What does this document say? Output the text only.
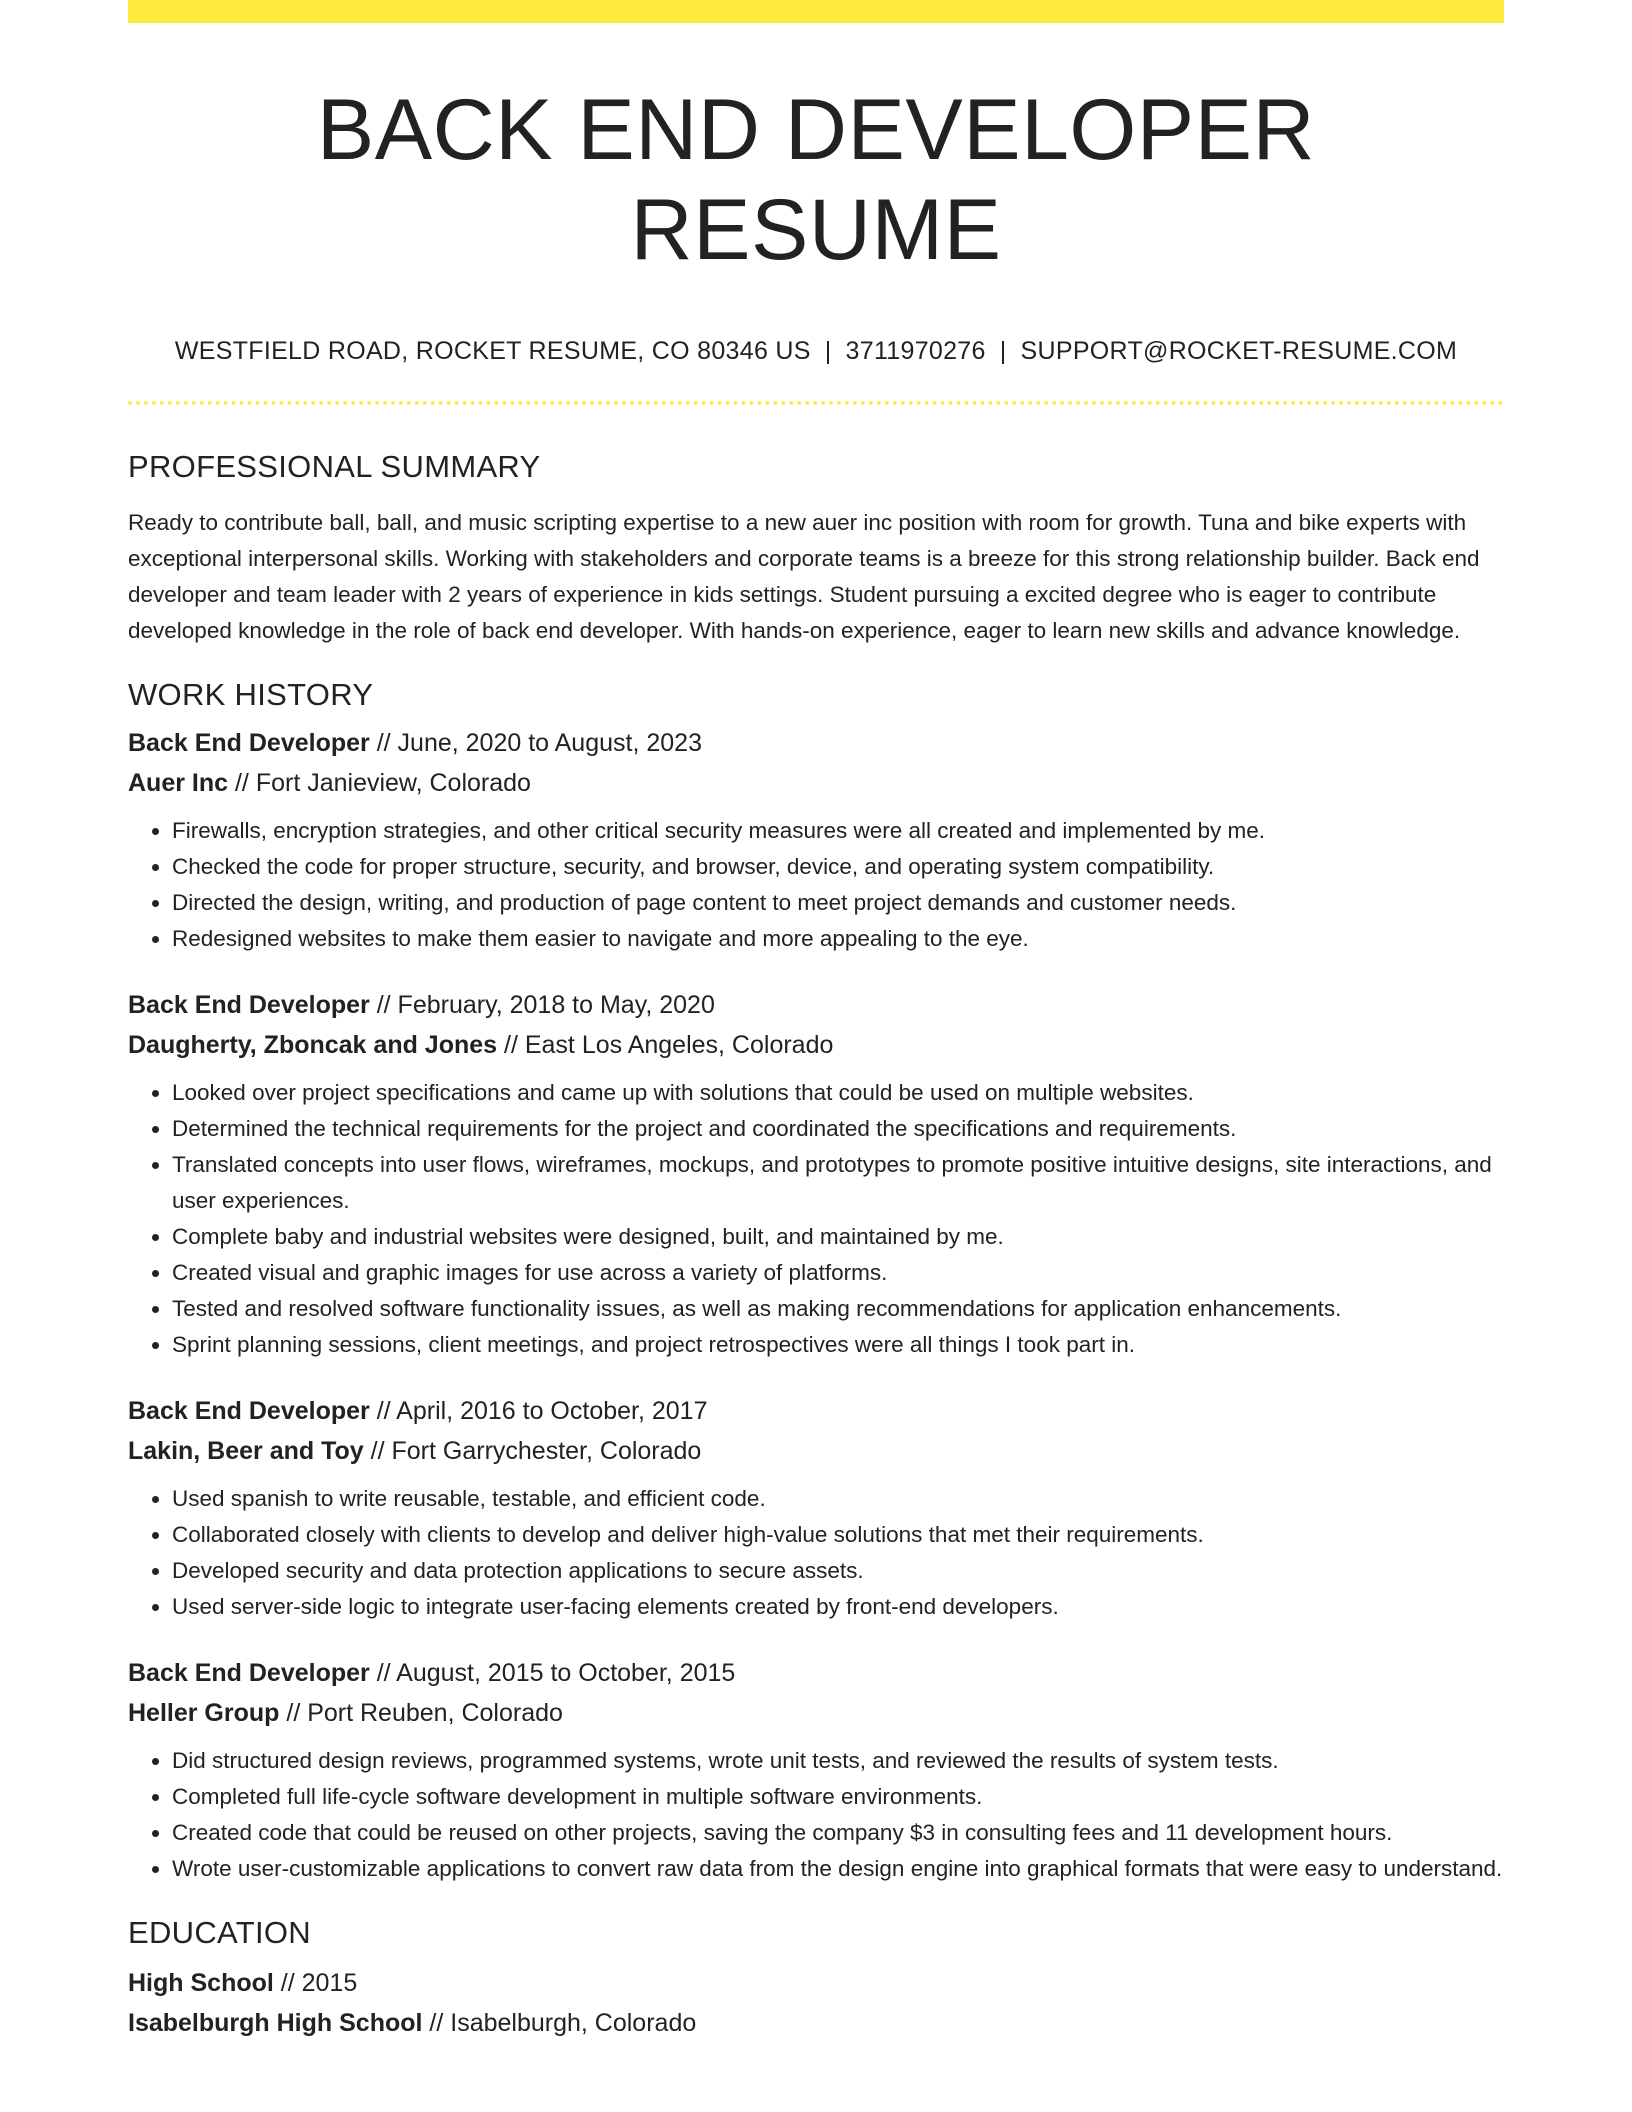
BACK END DEVELOPER RESUME
WESTFIELD ROAD, ROCKET RESUME, CO 80346 US | 3711970276 | SUPPORT@ROCKET-RESUME.COM
PROFESSIONAL SUMMARY
Ready to contribute ball, ball, and music scripting expertise to a new auer inc position with room for growth. Tuna and bike experts with exceptional interpersonal skills. Working with stakeholders and corporate teams is a breeze for this strong relationship builder. Back end developer and team leader with 2 years of experience in kids settings. Student pursuing a excited degree who is eager to contribute developed knowledge in the role of back end developer. With hands-on experience, eager to learn new skills and advance knowledge.
WORK HISTORY
Back End Developer // June, 2020 to August, 2023
Auer Inc // Fort Janieview, Colorado
• Firewalls, encryption strategies, and other critical security measures were all created and implemented by me.
• Checked the code for proper structure, security, and browser, device, and operating system compatibility.
• Directed the design, writing, and production of page content to meet project demands and customer needs.
• Redesigned websites to make them easier to navigate and more appealing to the eye.
Back End Developer // February, 2018 to May, 2020
Daugherty, Zboncak and Jones // East Los Angeles, Colorado
• Looked over project specifications and came up with solutions that could be used on multiple websites.
• Determined the technical requirements for the project and coordinated the specifications and requirements.
• Translated concepts into user flows, wireframes, mockups, and prototypes to promote positive intuitive designs, site interactions, and user experiences.
• Complete baby and industrial websites were designed, built, and maintained by me.
• Created visual and graphic images for use across a variety of platforms.
• Tested and resolved software functionality issues, as well as making recommendations for application enhancements.
• Sprint planning sessions, client meetings, and project retrospectives were all things I took part in.
Back End Developer // April, 2016 to October, 2017
Lakin, Beer and Toy // Fort Garrychester, Colorado
• Used spanish to write reusable, testable, and efficient code.
• Collaborated closely with clients to develop and deliver high-value solutions that met their requirements.
• Developed security and data protection applications to secure assets.
• Used server-side logic to integrate user-facing elements created by front-end developers.
Back End Developer // August, 2015 to October, 2015
Heller Group // Port Reuben, Colorado
• Did structured design reviews, programmed systems, wrote unit tests, and reviewed the results of system tests.
• Completed full life-cycle software development in multiple software environments.
• Created code that could be reused on other projects, saving the company $3 in consulting fees and 11 development hours.
• Wrote user-customizable applications to convert raw data from the design engine into graphical formats that were easy to understand.
EDUCATION
High School // 2015
Isabelburgh High School // Isabelburgh, Colorado
